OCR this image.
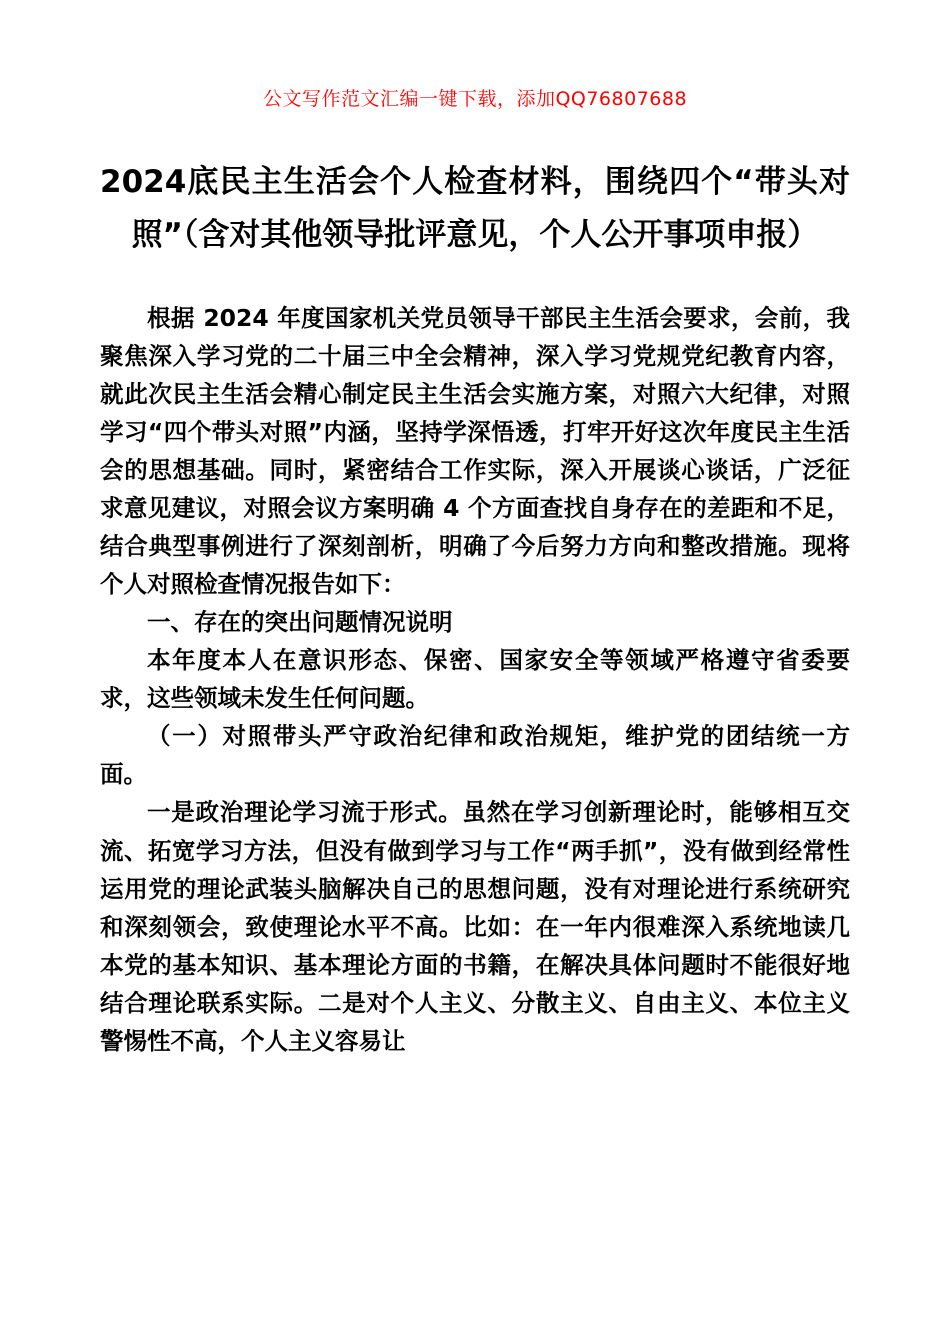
公文写作范文汇编一键下载，添加QQ76807688
2024底民主生活会个人检查材料，围绕四个“带头对照”（含对其他领导批评意见，个人公开事项申报）

根据 2024 年度国家机关党员领导干部民主生活会要求，会前，我聚焦深入学习党的二十届三中全会精神，深入学习党规党纪教育内容，就此次民主生活会精心制定民主生活会实施方案，对照六大纪律，对照学习“四个带头对照”内涵，坚持学深悟透，打牢开好这次年度民主生活会的思想基础。同时，紧密结合工作实际，深入开展谈心谈话，广泛征求意见建议，对照会议方案明确 4 个方面查找自身存在的差距和不足，结合典型事例进行了深刻剖析，明确了今后努力方向和整改措施。现将个人对照检查情况报告如下：

一、存在的突出问题情况说明

本年度本人在意识形态、保密、国家安全等领域严格遵守省委要求，这些领域未发生任何问题。

（一）对照带头严守政治纪律和政治规矩，维护党的团结统一方面。

一是政治理论学习流于形式。虽然在学习创新理论时，能够相互交流、拓宽学习方法，但没有做到学习与工作“两手抓”，没有做到经常性运用党的理论武装头脑解决自己的思想问题，没有对理论进行系统研究和深刻领会，致使理论水平不高。比如：在一年内很难深入系统地读几本党的基本知识、基本理论方面的书籍，在解决具体问题时不能很好地结合理论联系实际。二是对个人主义、分散主义、自由主义、本位主义警惕性不高，个人主义容易让
